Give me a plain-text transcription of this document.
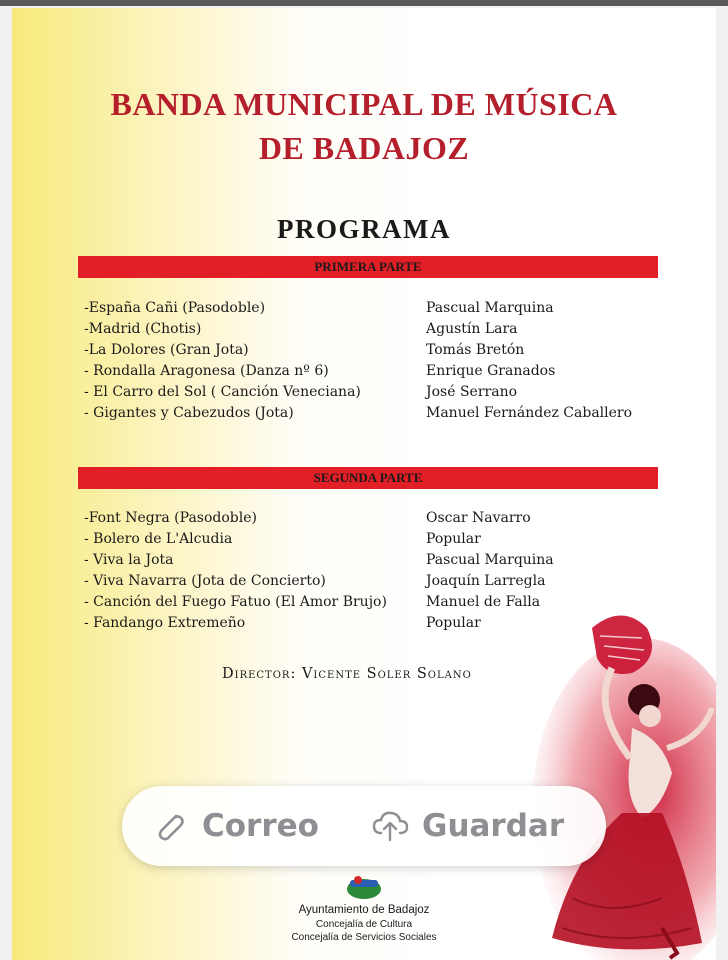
BANDA MUNICIPAL DE MÚSICA
DE BADAJOZ
PROGRAMA
PRIMERA PARTE
-España Cañi (Pasodoble)	Pascual Marquina
-Madrid (Chotis)	Agustín Lara
-La Dolores (Gran Jota)	Tomás Bretón
- Rondalla Aragonesa (Danza nº 6)	Enrique Granados
- El Carro del Sol ( Canción Veneciana)	José Serrano
- Gigantes y Cabezudos (Jota)	Manuel Fernández Caballero
SEGUNDA PARTE
-Font Negra (Pasodoble)	Oscar Navarro
- Bolero de L'Alcudia	Popular
- Viva la Jota	Pascual Marquina
- Viva Navarra (Jota de Concierto)	Joaquín Larregla
- Canción del Fuego Fatuo (El Amor Brujo)	Manuel de Falla
- Fandango Extremeño	Popular
Director: Vicente Soler Solano

Ayuntamiento de Badajoz

Concejalía de Cultura

Concejalía de Servicios Sociales

Correo	Guardar
